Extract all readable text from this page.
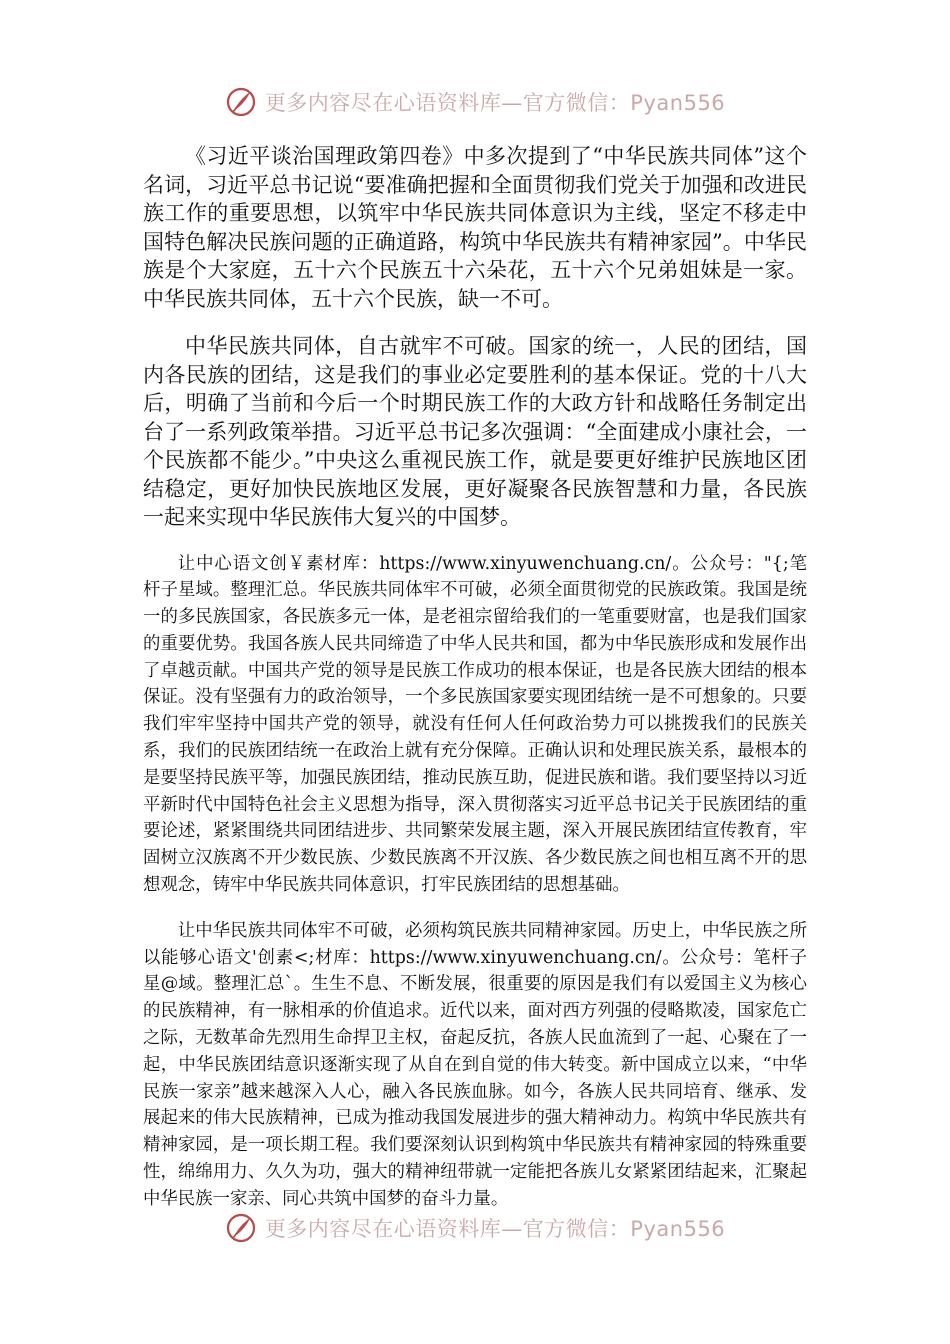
更多内容尽在心语资料库—官方微信：Pyan556

《习近平谈治国理政第四卷》中多次提到了“中华民族共同体”这个名词，习近平总书记说“要准确把握和全面贯彻我们党关于加强和改进民族工作的重要思想，以筑牢中华民族共同体意识为主线，坚定不移走中国特色解决民族问题的正确道路，构筑中华民族共有精神家园”。中华民族是个大家庭，五十六个民族五十六朵花，五十六个兄弟姐妹是一家。中华民族共同体，五十六个民族，缺一不可。

中华民族共同体，自古就牢不可破。国家的统一，人民的团结，国内各民族的团结，这是我们的事业必定要胜利的基本保证。党的十八大后，明确了当前和今后一个时期民族工作的大政方针和战略任务制定出台了一系列政策举措。习近平总书记多次强调：“全面建成小康社会，一个民族都不能少。”中央这么重视民族工作，就是要更好维护民族地区团结稳定，更好加快民族地区发展，更好凝聚各民族智慧和力量，各民族一起来实现中华民族伟大复兴的中国梦。

让中心语文创￥素材库：https://www.xinyuwenchuang.cn/。公众号："{;笔杆子星域。整理汇总。华民族共同体牢不可破，必须全面贯彻党的民族政策。我国是统一的多民族国家，各民族多元一体，是老祖宗留给我们的一笔重要财富，也是我们国家的重要优势。我国各族人民共同缔造了中华人民共和国，都为中华民族形成和发展作出了卓越贡献。中国共产党的领导是民族工作成功的根本保证，也是各民族大团结的根本保证。没有坚强有力的政治领导，一个多民族国家要实现团结统一是不可想象的。只要我们牢牢坚持中国共产党的领导，就没有任何人任何政治势力可以挑拨我们的民族关系，我们的民族团结统一在政治上就有充分保障。正确认识和处理民族关系，最根本的是要坚持民族平等，加强民族团结，推动民族互助，促进民族和谐。我们要坚持以习近平新时代中国特色社会主义思想为指导，深入贯彻落实习近平总书记关于民族团结的重要论述，紧紧围绕共同团结进步、共同繁荣发展主题，深入开展民族团结宣传教育，牢固树立汉族离不开少数民族、少数民族离不开汉族、各少数民族之间也相互离不开的思想观念，铸牢中华民族共同体意识，打牢民族团结的思想基础。

让中华民族共同体牢不可破，必须构筑民族共同精神家园。历史上，中华民族之所以能够心语文'创素<;材库：https://www.xinyuwenchuang.cn/。公众号：笔杆子星@域。整理汇总`。生生不息、不断发展，很重要的原因是我们有以爱国主义为核心的民族精神，有一脉相承的价值追求。近代以来，面对西方列强的侵略欺凌，国家危亡之际，无数革命先烈用生命捍卫主权，奋起反抗，各族人民血流到了一起、心聚在了一起，中华民族团结意识逐渐实现了从自在到自觉的伟大转变。新中国成立以来，“中华民族一家亲”越来越深入人心，融入各民族血脉。如今，各族人民共同培育、继承、发展起来的伟大民族精神，已成为推动我国发展进步的强大精神动力。构筑中华民族共有精神家园，是一项长期工程。我们要深刻认识到构筑中华民族共有精神家园的特殊重要性，绵绵用力、久久为功，强大的精神纽带就一定能把各族儿女紧紧团结起来，汇聚起中华民族一家亲、同心共筑中国梦的奋斗力量。

更多内容尽在心语资料库—官方微信：Pyan556
